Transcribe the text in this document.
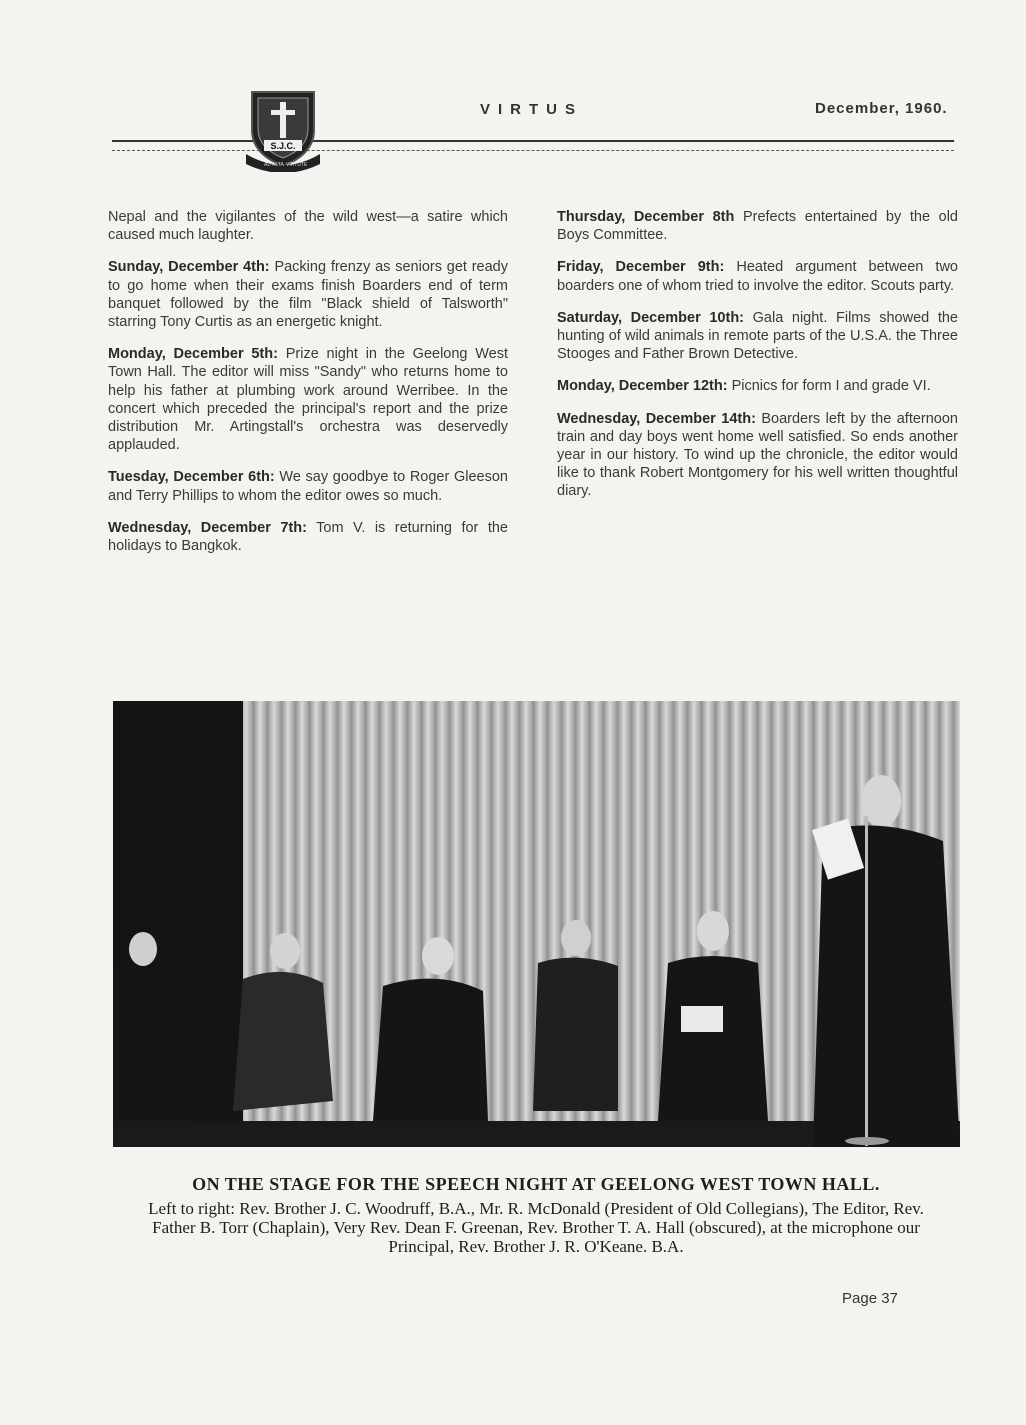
S.J.C.
AD ALTA VIRTUTE
VIRTUS	December, 1960.

Nepal and the vigilantes of the wild west—a satire which caused much laughter.

Sunday, December 4th: Packing frenzy as seniors get ready to go home when their exams finish Boarders end of term banquet followed by the film "Black shield of Talsworth" starring Tony Curtis as an energetic knight.

Monday, December 5th: Prize night in the Geelong West Town Hall. The editor will miss "Sandy" who returns home to help his father at plumbing work around Werribee. In the concert which preceded the principal's report and the prize distribution Mr. Artingstall's orchestra was deservedly applauded.

Tuesday, December 6th: We say goodbye to Roger Gleeson and Terry Phillips to whom the editor owes so much.

Wednesday, December 7th: Tom V. is returning for the holidays to Bangkok.

Thursday, December 8th Prefects entertained by the old Boys Committee.

Friday, December 9th: Heated argument between two boarders one of whom tried to involve the editor. Scouts party.

Saturday, December 10th: Gala night. Films showed the hunting of wild animals in remote parts of the U.S.A. the Three Stooges and Father Brown Detective.

Monday, December 12th: Picnics for form I and grade VI.

Wednesday, December 14th: Boarders left by the afternoon train and day boys went home well satisfied. So ends another year in our history. To wind up the chronicle, the editor would like to thank Robert Montgomery for his well written thoughtful diary.

ON THE STAGE FOR THE SPEECH NIGHT AT GEELONG WEST TOWN HALL.
Left to right: Rev. Brother J. C. Woodruff, B.A., Mr. R. McDonald (President of Old Collegians), The Editor, Rev. Father B. Torr (Chaplain), Very Rev. Dean F. Greenan, Rev. Brother T. A. Hall (obscured), at the microphone our Principal, Rev. Brother J. R. O'Keane. B.A.
Page 37
